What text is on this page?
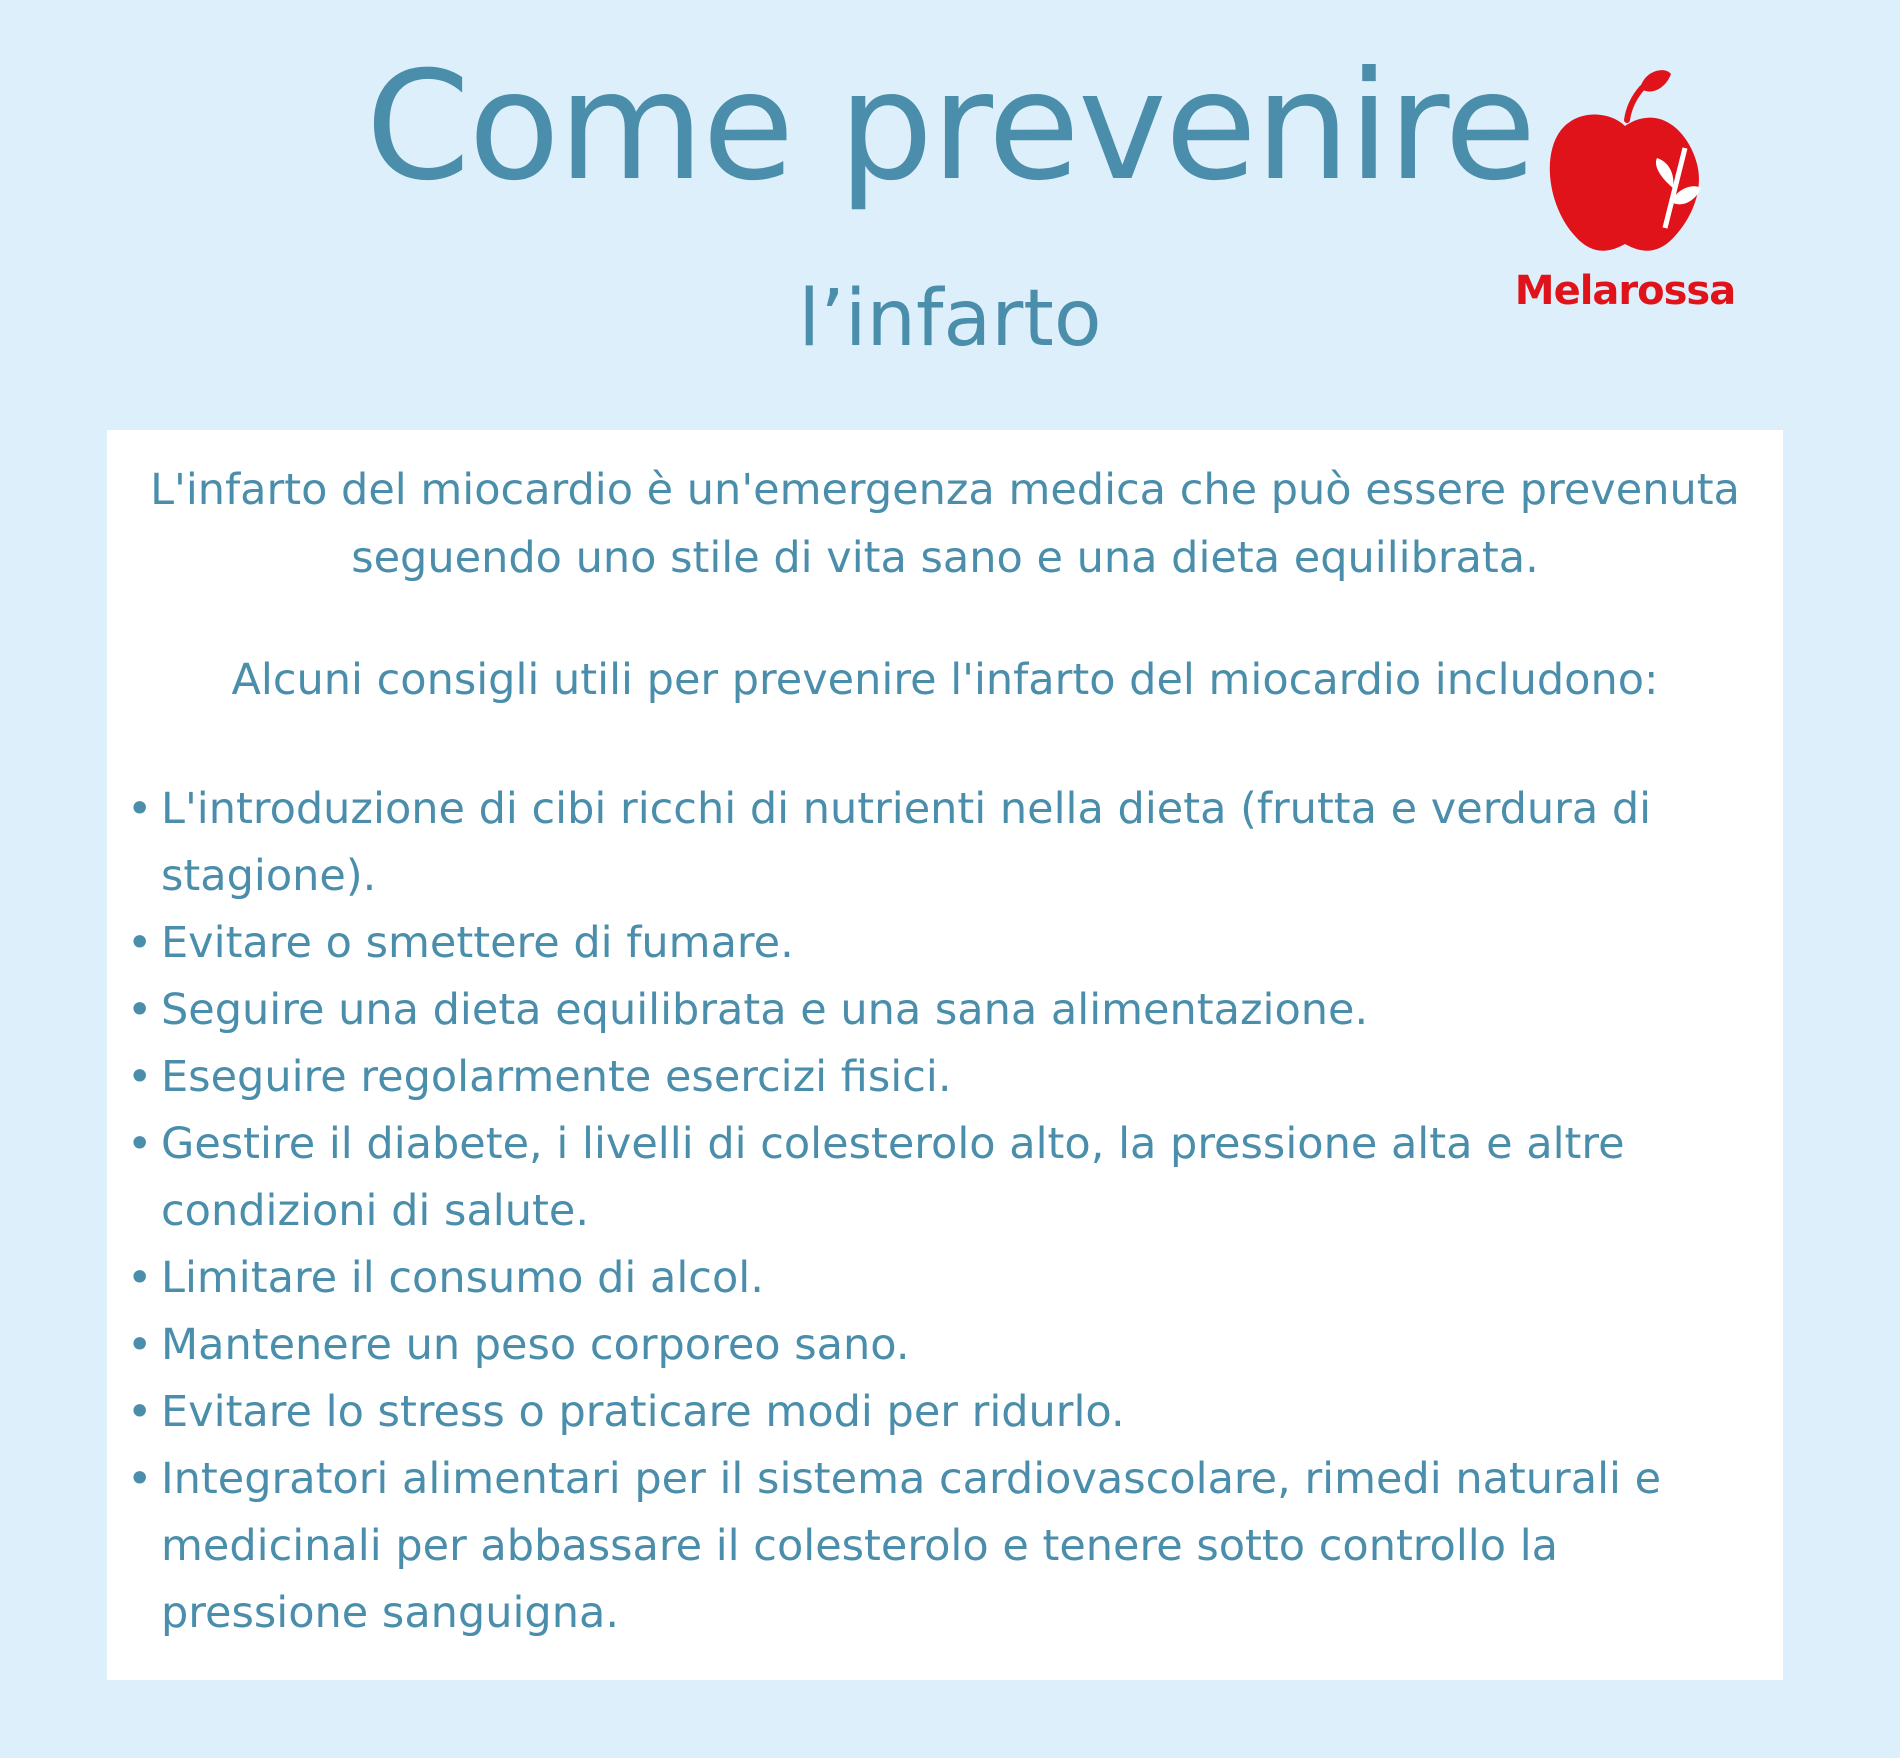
Come prevenire
l’infarto	Melarossa

L'infarto del miocardio è un'emergenza medica che può essere prevenuta seguendo uno stile di vita sano e una dieta equilibrata.

Alcuni consigli utili per prevenire l'infarto del miocardio includono:

• L'introduzione di cibi ricchi di nutrienti nella dieta (frutta e verdura di stagione).
• Evitare o smettere di fumare.
• Seguire una dieta equilibrata e una sana alimentazione.
• Eseguire regolarmente esercizi fisici.
• Gestire il diabete, i livelli di colesterolo alto, la pressione alta e altre condizioni di salute.
• Limitare il consumo di alcol.
• Mantenere un peso corporeo sano.
• Evitare lo stress o praticare modi per ridurlo.
• Integratori alimentari per il sistema cardiovascolare, rimedi naturali e medicinali per abbassare il colesterolo e tenere sotto controllo la pressione sanguigna.
